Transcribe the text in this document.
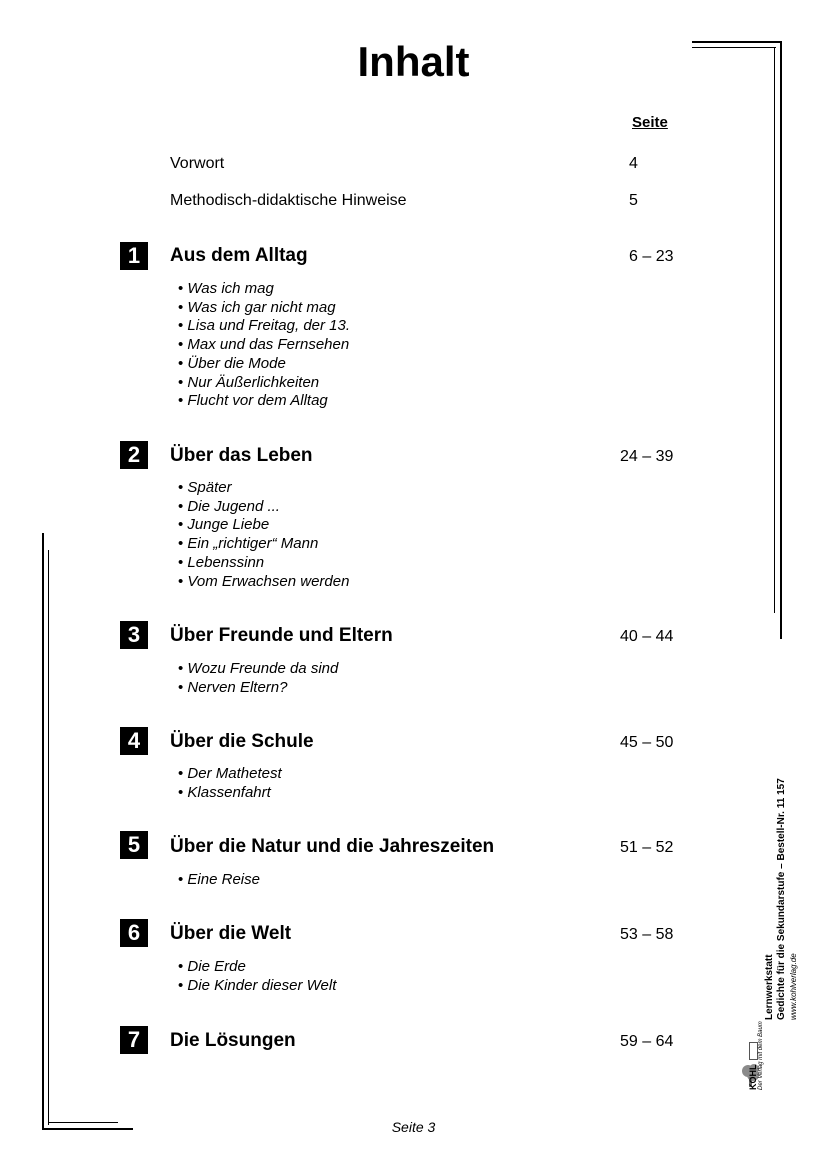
Inhalt
Seite
Vorwort	4
Methodisch-didaktische Hinweise	5
1	Aus dem Alltag	6 – 23
• Was ich mag
• Was ich gar nicht mag
• Lisa und Freitag, der 13.
• Max und das Fernsehen
• Über die Mode
• Nur Äußerlichkeiten
• Flucht vor dem Alltag
2	Über das Leben	24 – 39
• Später
• Die Jugend ...
• Junge Liebe
• Ein „richtiger“ Mann
• Lebenssinn
• Vom Erwachsen werden
3	Über Freunde und Eltern	40 – 44
• Wozu Freunde da sind
• Nerven Eltern?
4	Über die Schule	45 – 50
• Der Mathetest
• Klassenfahrt
5	Über die Natur und die Jahreszeiten	51 – 52
• Eine Reise
6	Über die Welt	53 – 58
• Die Erde
• Die Kinder dieser Welt
7	Die Lösungen	59 – 64
Seite 3
Lernwerkstatt Gedichte für die Sekundarstufe – Bestell-Nr. 11 157 www.kohlverlag.de
KOHL Der Verlag mit dem Baum
